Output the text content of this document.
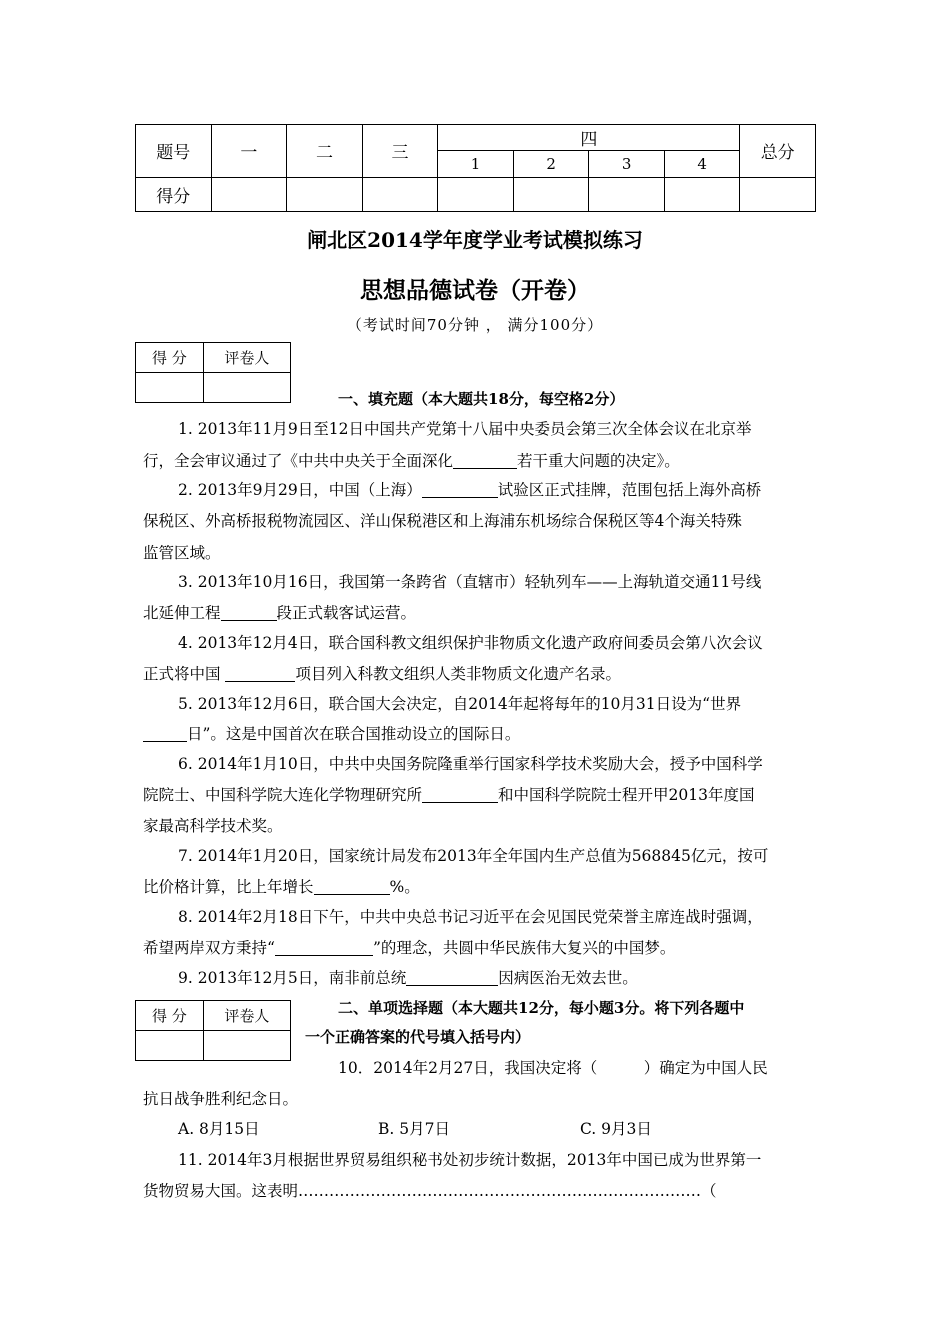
题号	一	二	三	四				总分
				1	2	3	4	
得分								
闸北区2014学年度学业考试模拟练习
思想品德试卷（开卷）
（考试时间70分钟 ， 满分100分）
得 分	评卷人

一、填充题（本大题共18分，每空格2分）
1. 2013年11月9日至12日中国共产党第十八届中央委员会第三次全体会议在北京举
行，全会审议通过了《中共中央关于全面深化	若干重大问题的决定》。
2. 2013年9月29日，中国（上海）	试验区正式挂牌，范围包括上海外高桥
保税区、外高桥报税物流园区、洋山保税港区和上海浦东机场综合保税区等4个海关特殊
监管区域。
3. 2013年10月16日，我国第一条跨省（直辖市）轻轨列车——上海轨道交通11号线
北延伸工程	段正式载客试运营。
4. 2013年12月4日，联合国科教文组织保护非物质文化遗产政府间委员会第八次会议
正式将中国	项目列入科教文组织人类非物质文化遗产名录。
5. 2013年12月6日，联合国大会决定，自2014年起将每年的10月31日设为“世界
日”。这是中国首次在联合国推动设立的国际日。
6. 2014年1月10日，中共中央国务院隆重举行国家科学技术奖励大会，授予中国科学
院院士、中国科学院大连化学物理研究所	和中国科学院院士程开甲2013年度国
家最高科学技术奖。
7. 2014年1月20日，国家统计局发布2013年全年国内生产总值为568845亿元，按可
比价格计算，比上年增长	%。
8. 2014年2月18日下午，中共中央总书记习近平在会见国民党荣誉主席连战时强调，
希望两岸双方秉持“	”的理念，共圆中华民族伟大复兴的中国梦。
9. 2013年12月5日，南非前总统	因病医治无效去世。
得 分	评卷人
		二、单项选择题（本大题共12分，每小题3分。将下列各题中
一个正确答案的代号填入括号内）
10．2014年2月27日，我国决定将（　　　）确定为中国人民
抗日战争胜利纪念日。
A. 8月15日	B. 5月7日	C. 9月3日
11. 2014年3月根据世界贸易组织秘书处初步统计数据，2013年中国已成为世界第一
货物贸易大国。这表明……………………………………………………………………（
